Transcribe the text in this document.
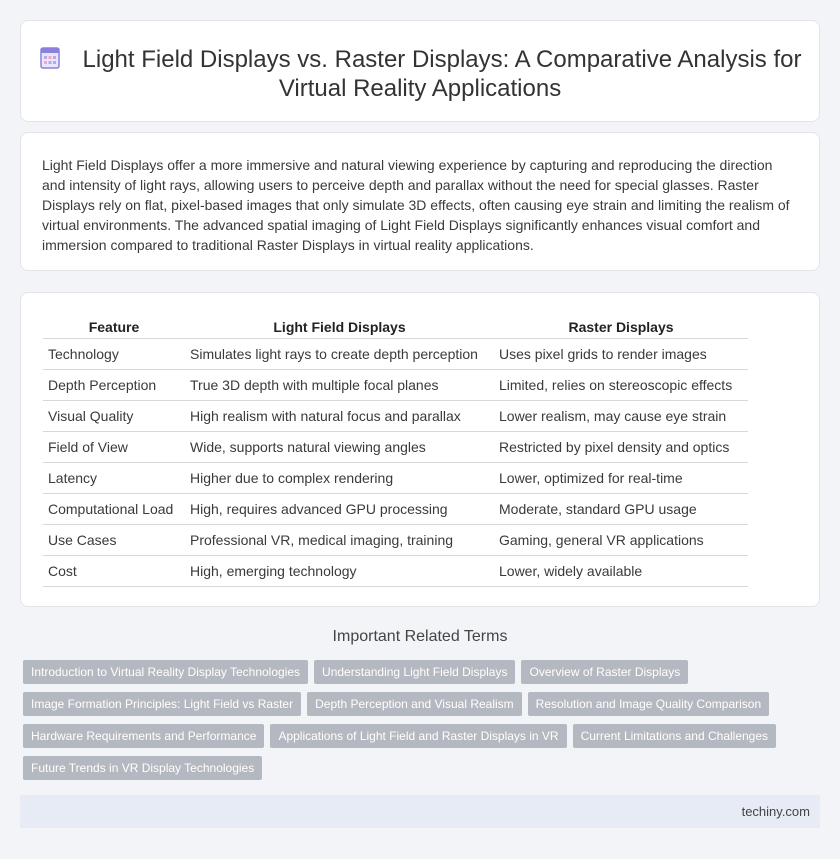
Light Field Displays vs. Raster Displays: A Comparative Analysis for Virtual Reality Applications

Light Field Displays offer a more immersive and natural viewing experience by capturing and reproducing the direction and intensity of light rays, allowing users to perceive depth and parallax without the need for special glasses. Raster Displays rely on flat, pixel-based images that only simulate 3D effects, often causing eye strain and limiting the realism of virtual environments. The advanced spatial imaging of Light Field Displays significantly enhances visual comfort and immersion compared to traditional Raster Displays in virtual reality applications.

Feature	Light Field Displays	Raster Displays
Technology	Simulates light rays to create depth perception	Uses pixel grids to render images
Depth Perception	True 3D depth with multiple focal planes	Limited, relies on stereoscopic effects
Visual Quality	High realism with natural focus and parallax	Lower realism, may cause eye strain
Field of View	Wide, supports natural viewing angles	Restricted by pixel density and optics
Latency	Higher due to complex rendering	Lower, optimized for real-time
Computational Load	High, requires advanced GPU processing	Moderate, standard GPU usage
Use Cases	Professional VR, medical imaging, training	Gaming, general VR applications
Cost	High, emerging technology	Lower, widely available
Important Related Terms
Introduction to Virtual Reality Display Technologies Understanding Light Field Displays Overview of Raster Displays
Image Formation Principles: Light Field vs Raster Depth Perception and Visual Realism Resolution and Image Quality Comparison
Hardware Requirements and Performance Applications of Light Field and Raster Displays in VR Current Limitations and Challenges
Future Trends in VR Display Technologies
techiny.com
